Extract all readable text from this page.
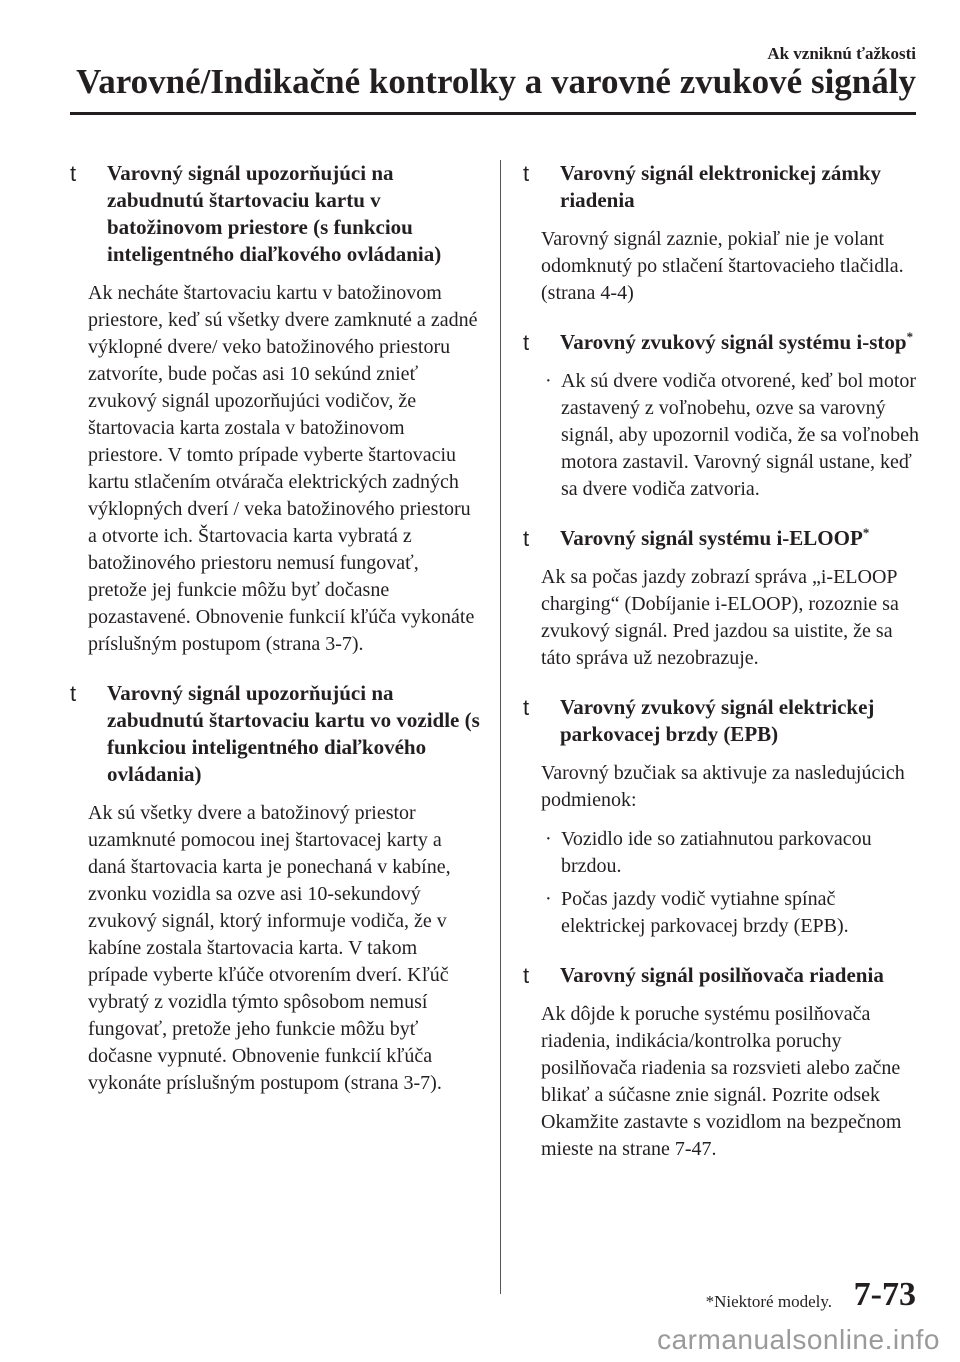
Ak vzniknú ťažkosti
Varovné/Indikačné kontrolky a varovné zvukové signály
t Varovný signál upozorňujúci na zabudnutú štartovaciu kartu v batožinovom priestore (s funkciou inteligentného diaľkového ovládania)
Ak necháte štartovaciu kartu v batožinovom priestore, keď sú všetky dvere zamknuté a zadné výklopné dvere/ veko batožinového priestoru zatvoríte, bude počas asi 10 sekúnd znieť zvukový signál upozorňujúci vodičov, že štartovacia karta zostala v batožinovom priestore. V tomto prípade vyberte štartovaciu kartu stlačením otvárača elektrických zadných výklopných dverí / veka batožinového priestoru a otvorte ich. Štartovacia karta vybratá z batožinového priestoru nemusí fungovať, pretože jej funkcie môžu byť dočasne pozastavené. Obnovenie funkcií kľúča vykonáte príslušným postupom (strana 3-7).
t Varovný signál upozorňujúci na zabudnutú štartovaciu kartu vo vozidle (s funkciou inteligentného diaľkového ovládania)
Ak sú všetky dvere a batožinový priestor uzamknuté pomocou inej štartovacej karty a daná štartovacia karta je ponechaná v kabíne, zvonku vozidla sa ozve asi 10-sekundový zvukový signál, ktorý informuje vodiča, že v kabíne zostala štartovacia karta. V takom prípade vyberte kľúče otvorením dverí. Kľúč vybratý z vozidla týmto spôsobom nemusí fungovať, pretože jeho funkcie môžu byť dočasne vypnuté. Obnovenie funkcií kľúča vykonáte príslušným postupom (strana 3-7).
t Varovný signál elektronickej zámky riadenia
Varovný signál zaznie, pokiaľ nie je volant odomknutý po stlačení štartovacieho tlačidla. (strana 4-4)
t Varovný zvukový signál systému i-stop*
· Ak sú dvere vodiča otvorené, keď bol motor zastavený z voľnobehu, ozve sa varovný signál, aby upozornil vodiča, že sa voľnobeh motora zastavil. Varovný signál ustane, keď sa dvere vodiča zatvoria.
t Varovný signál systému i-ELOOP*
Ak sa počas jazdy zobrazí správa „i-ELOOP charging“ (Dobíjanie i-ELOOP), rozoznie sa zvukový signál. Pred jazdou sa uistite, že sa táto správa už nezobrazuje.
t Varovný zvukový signál elektrickej parkovacej brzdy (EPB)
Varovný bzučiak sa aktivuje za nasledujúcich podmienok:
· Vozidlo ide so zatiahnutou parkovacou brzdou.
· Počas jazdy vodič vytiahne spínač elektrickej parkovacej brzdy (EPB).
t Varovný signál posilňovača riadenia
Ak dôjde k poruche systému posilňovača riadenia, indikácia/kontrolka poruchy posilňovača riadenia sa rozsvieti alebo začne blikať a súčasne znie signál. Pozrite odsek Okamžite zastavte s vozidlom na bezpečnom mieste na strane 7-47.
*Niektoré modely. 7-73
carmanualsonline.info
